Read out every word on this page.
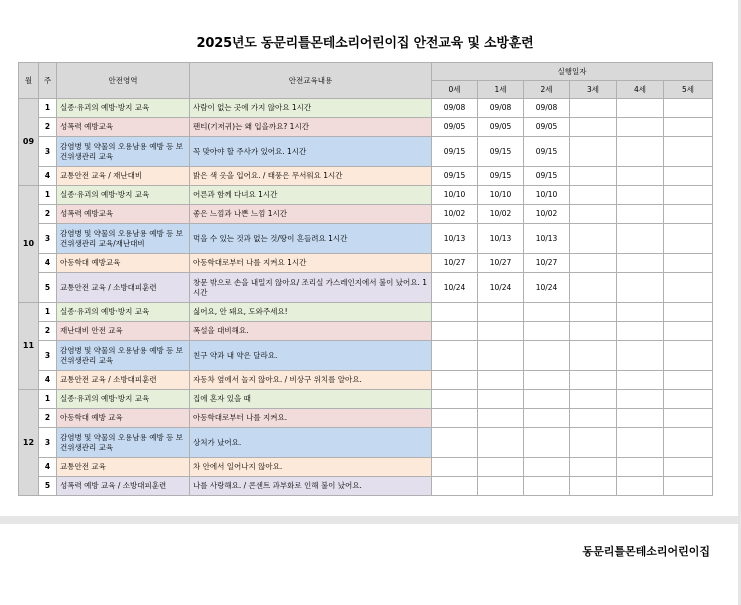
2025년도 동문리틀몬테소리어린이집 안전교육 및 소방훈련
월	주	안전영역	안전교육내용	실행일자					
				0세	1세	2세	3세	4세	5세
09	1	실종·유괴의 예방·방지 교육	사람이 없는 곳에 가지 않아요 1시간	09/08	09/08	09/08			
	2	성폭력 예방교육	팬티(기저귀)는 왜 입을까요? 1시간	09/05	09/05	09/05			
	3	감염병 및 약물의 오용남용 예방 등 보건위생관리 교육	꼭 맞아야 할 주사가 있어요. 1시간	09/15	09/15	09/15			
	4	교통안전 교육 / 재난대비	밝은 색 옷을 입어요. / 태풍은 무서워요 1시간	09/15	09/15	09/15			
10	1	실종·유괴의 예방·방지 교육	어른과 함께 다녀요 1시간	10/10	10/10	10/10			
	2	성폭력 예방교육	좋은 느낌과 나쁜 느낌 1시간	10/02	10/02	10/02			
	3	감염병 및 약물의 오용남용 예방 등 보건위생관리 교육/재난대비	먹을 수 있는 것과 없는 것/땅이 흔들려요 1시간	10/13	10/13	10/13			
	4	아동학대 예방교육	아동학대로부터 나를 지켜요 1시간	10/27	10/27	10/27			
	5	교통안전 교육 / 소방대피훈련	창문 밖으로 손을 내밀지 않아요/ 조리실 가스레인지에서 불이 났어요. 1시간	10/24	10/24	10/24			
11	1	실종·유괴의 예방·방지 교육	싫어요, 안 돼요, 도와주세요!						
	2	재난대비 안전 교육	폭설을 대비해요.						
	3	감염병 및 약물의 오용남용 예방 등 보건위생관리 교육	친구 약과 내 약은 달라요.						
	4	교통안전 교육 / 소방대피훈련	자동차 옆에서 놀지 않아요. / 비상구 위치를 알아요.						
12	1	실종·유괴의 예방·방지 교육	집에 혼자 있을 때						
	2	아동학대 예방 교육	아동학대로부터 나를 지켜요.						
	3	감염병 및 약물의 오용남용 예방 등 보건위생관리 교육	상처가 났어요.						
	4	교통안전 교육	차 안에서 일어나지 않아요.						
	5	성폭력 예방 교육 / 소방대피훈련	나를 사랑해요. / 콘센트 과부화로 인해 불이 났어요.						
동문리틀몬테소리어린이집
